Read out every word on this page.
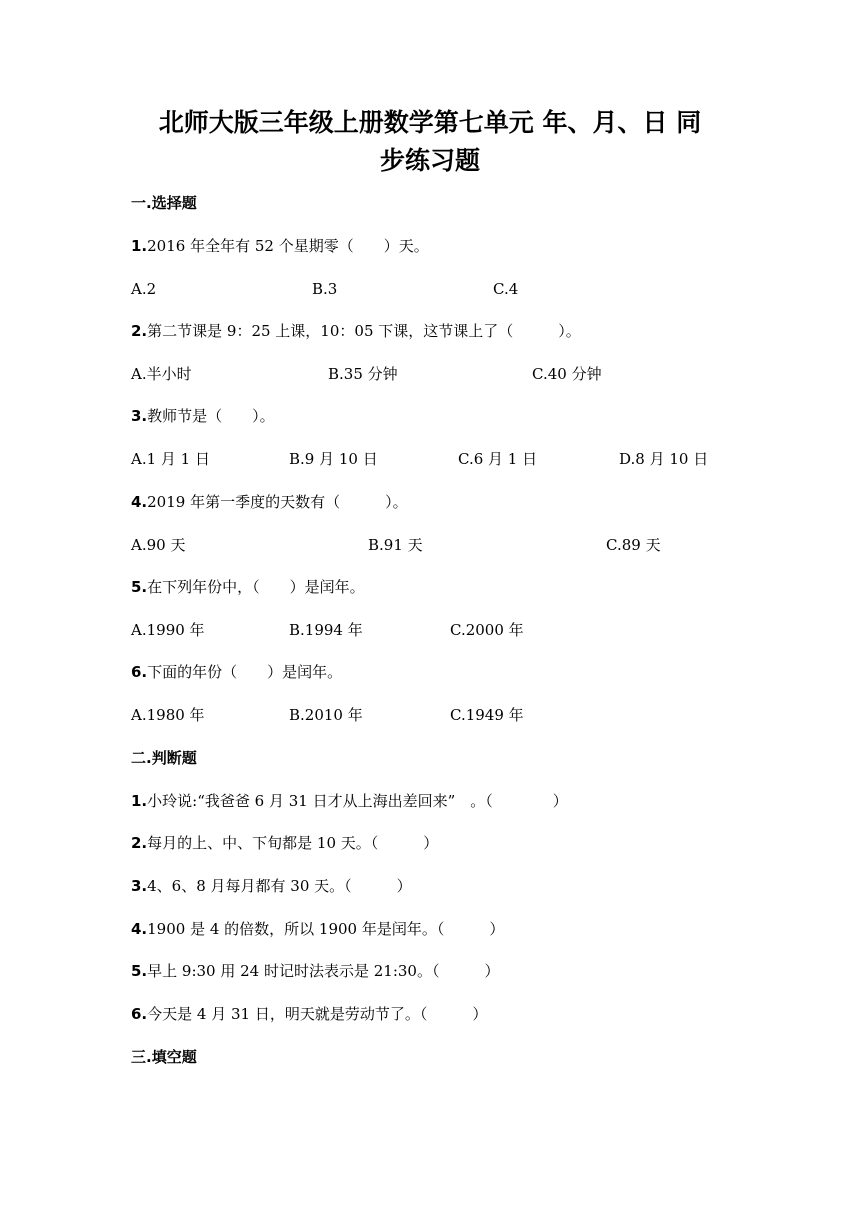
北师大版三年级上册数学第七单元 年、月、日 同
步练习题
一.选择题
1.2016 年全年有 52 个星期零（　　）天。
A.2	B.3	C.4
2.第二节课是 9：25 上课，10：05 下课，这节课上了（　　　）。
A.半小时	B.35 分钟	C.40 分钟
3.教师节是（　　）。
A.1 月 1 日	B.9 月 10 日	C.6 月 1 日	D.8 月 10 日
4.2019 年第一季度的天数有（　　　）。
A.90 天	B.91 天	C.89 天
5.在下列年份中，（　　）是闰年。
A.1990 年	B.1994 年	C.2000 年
6.下面的年份（　　）是闰年。
A.1980 年	B.2010 年	C.1949 年
二.判断题
1.小玲说:“我爸爸 6 月 31 日才从上海出差回来”　。（　　　　）
2.每月的上、中、下旬都是 10 天。（　　　）
3.4、6、8 月每月都有 30 天。（　　　）
4.1900 是 4 的倍数，所以 1900 年是闰年。（　　　）
5.早上 9:30 用 24 时记时法表示是 21:30。（　　　）
6.今天是 4 月 31 日，明天就是劳动节了。（　　　）
三.填空题
